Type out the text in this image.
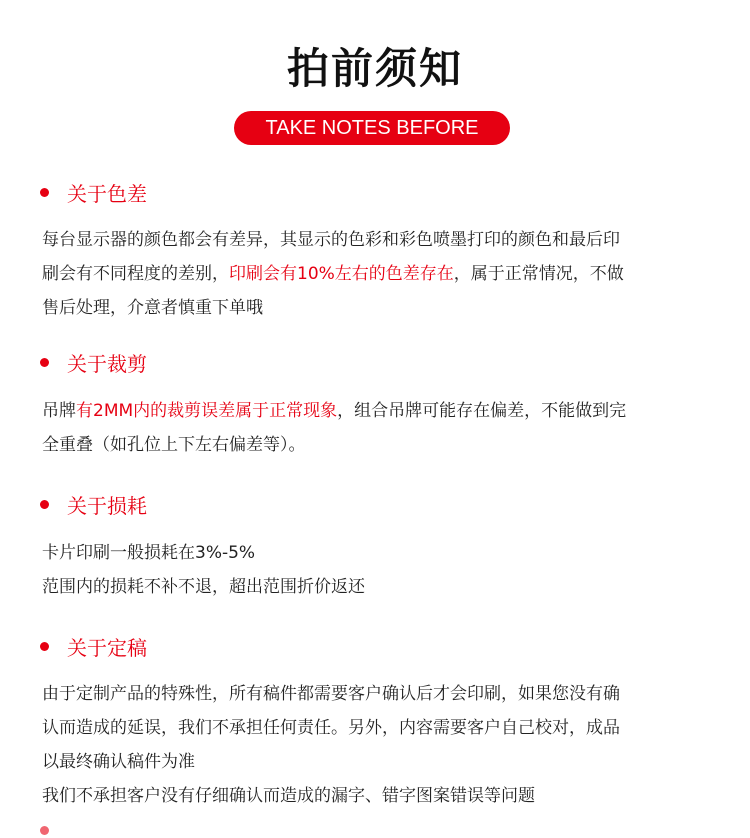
拍前须知
TAKE NOTES BEFORE
关于色差
每台显示器的颜色都会有差异，其显示的色彩和彩色喷墨打印的颜色和最后印
刷会有不同程度的差别，印刷会有10%左右的色差存在，属于正常情况，不做
售后处理，介意者慎重下单哦
关于裁剪
吊牌有2MM内的裁剪误差属于正常现象，组合吊牌可能存在偏差，不能做到完
全重叠（如孔位上下左右偏差等）。
关于损耗
卡片印刷一般损耗在3%-5%
范围内的损耗不补不退，超出范围折价返还
关于定稿
由于定制产品的特殊性，所有稿件都需要客户确认后才会印刷，如果您没有确
认而造成的延误，我们不承担任何责任。另外，内容需要客户自己校对，成品
以最终确认稿件为准
我们不承担客户没有仔细确认而造成的漏字、错字图案错误等问题
